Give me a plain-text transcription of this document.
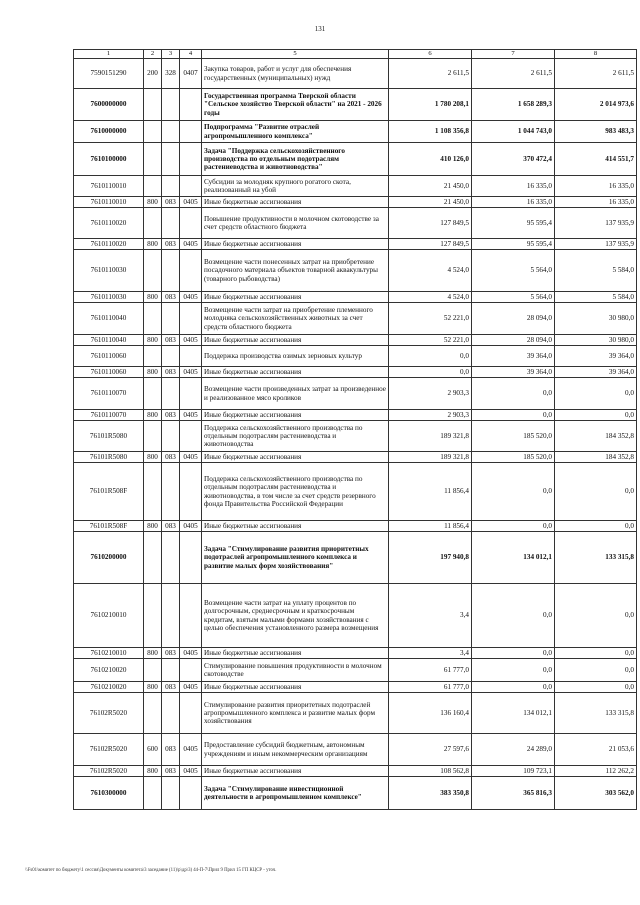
131
1	2	3	4	5	6	7	8
7590151290	200	328	0407	Закупка товаров, работ и услуг для обеспечения государственных (муниципальных) нужд	2 611,5	2 611,5	2 611,5
7600000000				Государственная программа Тверской области "Сельское хозяйство Тверской области" на 2021 - 2026 годы	1 780 208,1	1 658 289,3	2 014 973,6
7610000000				Подпрограмма "Развитие отраслей агропромышленного комплекса"	1 108 356,8	1 044 743,0	983 483,3
7610100000				Задача "Поддержка сельскохозяйственного производства по отдельным подотраслям растениеводства и животноводства"	410 126,0	370 472,4	414 551,7
7610110010				Субсидии за молодняк крупного рогатого скота, реализованный на убой	21 450,0	16 335,0	16 335,0
7610110010	800	083	0405	Иные бюджетные ассигнования	21 450,0	16 335,0	16 335,0
7610110020				Повышение продуктивности в молочном скотоводстве за счет средств областного бюджета	127 849,5	95 595,4	137 935,9
7610110020	800	083	0405	Иные бюджетные ассигнования	127 849,5	95 595,4	137 935,9
7610110030				Возмещение части понесенных затрат на приобретение посадочного материала объектов товарной аквакультуры (товарного рыбоводства)	4 524,0	5 564,0	5 584,0
7610110030	800	083	0405	Иные бюджетные ассигнования	4 524,0	5 564,0	5 584,0
7610110040				Возмещение части затрат на приобретение племенного молодняка сельскохозяйственных животных за счет средств областного бюджета	52 221,0	28 094,0	30 980,0
7610110040	800	083	0405	Иные бюджетные ассигнования	52 221,0	28 094,0	30 980,0
7610110060				Поддержка производства озимых зерновых культур	0,0	39 364,0	39 364,0
7610110060	800	083	0405	Иные бюджетные ассигнования	0,0	39 364,0	39 364,0
7610110070				Возмещение части произведенных затрат за произведенное и реализованное мясо кроликов	2 903,3	0,0	0,0
7610110070	800	083	0405	Иные бюджетные ассигнования	2 903,3	0,0	0,0
76101R5080				Поддержка сельскохозяйственного производства по отдельным подотраслям растениеводства и животноводства	189 321,8	185 520,0	184 352,8
76101R5080	800	083	0405	Иные бюджетные ассигнования	189 321,8	185 520,0	184 352,8
76101R508F				Поддержка сельскохозяйственного производства по отдельным подотраслям растениеводства и животноводства, в том числе за счет средств резервного фонда Правительства Российской Федерации	11 856,4	0,0	0,0
76101R508F	800	083	0405	Иные бюджетные ассигнования	11 856,4	0,0	0,0
7610200000				Задача "Стимулирование развития приоритетных подотраслей агропромышленного комплекса и развитие малых форм хозяйствования"	197 940,8	134 012,1	133 315,8
7610210010				Возмещение части затрат на уплату процентов по долгосрочным, среднесрочным и краткосрочным кредитам, взятым малыми формами хозяйствования с целью обеспечения установленного размера возмещения	3,4	0,0	0,0
7610210010	800	083	0405	Иные бюджетные ассигнования	3,4	0,0	0,0
7610210020				Стимулирование повышения продуктивности в молочном скотоводстве	61 777,0	0,0	0,0
7610210020	800	083	0405	Иные бюджетные ассигнования	61 777,0	0,0	0,0
76102R5020				Стимулирование развития приоритетных подотраслей агропромышленного комплекса и развитие малых форм хозяйствования	136 160,4	134 012,1	133 315,8
76102R5020	600	083	0405	Предоставление субсидий бюджетным, автономным учреждениям и иным некоммерческим организациям	27 597,6	24 289,0	21 053,6
76102R5020	800	083	0405	Иные бюджетные ассигнования	108 562,8	109 723,1	112 262,2
7610300000				Задача "Стимулирование инвестиционной деятельности в агропромышленном комплексе"	383 350,8	365 816,3	303 562,0
\\Fs01\комитет по бюджету\1 сессия\Документы комитета\3 заседание (11)\р\др\3) 44-П-7\Прил 9 Прил 15 ГП КЦСР - уточ.
